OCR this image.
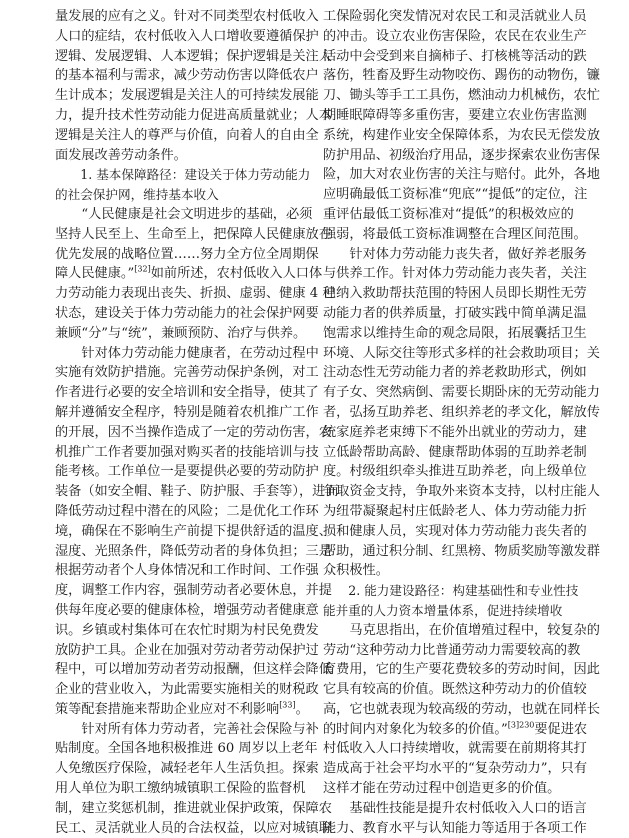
量发展的应有之义。针对不同类型农村低收入
人口的症结，农村低收入人口增收要遵循保护
逻辑、发展逻辑、人本逻辑；保护逻辑是关注人
的基本福利与需求，减少劳动伤害以降低农户
生计成本；发展逻辑是关注人的可持续发展能
力，提升技术性劳动能力促进高质量就业；人本
逻辑是关注人的尊严与价值，向着人的自由全
面发展改善劳动条件。
1. 基本保障路径：建设关于体力劳动能力
的社会保护网，维持基本收入
“人民健康是社会文明进步的基础，必须
坚持人民至上、生命至上，把保障人民健康放在
优先发展的战略位置……努力全方位全周期保
障人民健康。”[32]如前所述，农村低收入人口体
力劳动能力表现出丧失、折损、虚弱、健康 4 种
状态，建设关于体力劳动能力的社会保护网要
兼顾“分”与“统”，兼顾预防、治疗与供养。
针对体力劳动能力健康者，在劳动过程中
实施有效防护措施。完善劳动保护条例，对工
作者进行必要的安全培训和安全指导，使其了
解并遵循安全程序，特别是随着农机推广工作
的开展，因不当操作造成了一定的劳动伤害，农
机推广工作者要加强对购买者的技能培训与技
能考核。工作单位一是要提供必要的劳动防护
装备（如安全帽、鞋子、防护服、手套等），进而
降低劳动过程中潜在的风险；二是优化工作环
境，确保在不影响生产前提下提供舒适的温度、
湿度、光照条件，降低劳动者的身体负担；三是
根据劳动者个人身体情况和工作时间、工作强
度，调整工作内容，强制劳动者必要休息，并提
供每年度必要的健康体检，增强劳动者健康意
识。乡镇或村集体可在农忙时期为村民免费发
放防护工具。企业在加强对劳动者劳动保护过
程中，可以增加劳动者劳动报酬，但这样会降低
企业的营业收入，为此需要实施相关的财税政
策等配套措施来帮助企业应对不利影响[33]。
针对所有体力劳动者，完善社会保险与补
贴制度。全国各地积极推进 60 周岁以上老年
人免缴医疗保险，减轻老年人生活负担。探索
用人单位为职工缴纳城镇职工保险的监督机
制，建立奖惩机制，推进就业保护政策，保障农
民工、灵活就业人员的合法权益，以应对城镇职
工保险弱化突发情况对农民工和灵活就业人员
的冲击。设立农业伤害保险，农民在农业生产
活动中会受到来自摘柿子、打核桃等活动的跌
落伤，牲畜及野生动物咬伤、踢伤的动物伤，镰
刀、锄头等手工工具伤，燃油动力机械伤，农忙
期睡眠障碍等多重伤害，要建立农业伤害监测
系统，构建作业安全保障体系，为农民无偿发放
防护用品、初级治疗用品，逐步探索农业伤害保
险，加大对农业伤害的关注与赔付。此外，各地
应明确最低工资标准“兜底”“提低”的定位，注
重评估最低工资标准对“提低”的积极效应的
强弱，将最低工资标准调整在合理区间范围。
针对体力劳动能力丧失者，做好养老服务
与供养工作。针对体力劳动能力丧失者，关注
已纳入救助帮扶范围的特困人员即长期性无劳
动能力者的供养质量，打破实践中简单满足温
饱需求以维持生命的观念局限，拓展囊括卫生
环境、人际交往等形式多样的社会救助项目；关
注动态性无劳动能力者的养老救助形式，例如
有子女、突然病倒、需要长期卧床的无劳动能力
者，弘扬互助养老、组织养老的孝文化，解放传
统家庭养老束缚下不能外出就业的劳动力，建
立低龄帮助高龄、健康帮助体弱的互助养老制
度。村级组织牵头推进互助养老，向上级单位
争取资金支持，争取外来资本支持，以村庄能人
为纽带凝聚起村庄低龄老人、体力劳动能力折
损和健康人员，实现对体力劳动能力丧失者的
帮助，通过积分制、红黑榜、物质奖励等激发群
众积极性。
2. 能力建设路径：构建基础性和专业性技
能并重的人力资本增量体系，促进持续增收
马克思指出，在价值增殖过程中，较复杂的
劳动“这种劳动力比普通劳动力需要较高的教
育费用，它的生产要花费较多的劳动时间，因此
它具有较高的价值。既然这种劳动力的价值较
高，它也就表现为较高级的劳动，也就在同样长
的时间内对象化为较多的价值。”$^{[3]230}$要促进农
村低收入人口持续增收，就需要在前期将其打
造成高于社会平均水平的“复杂劳动力”，只有
这样才能在劳动过程中创造更多的价值。
基础性技能是提升农村低收入人口的语言
能力、教育水平与认知能力等适用于各项工作
